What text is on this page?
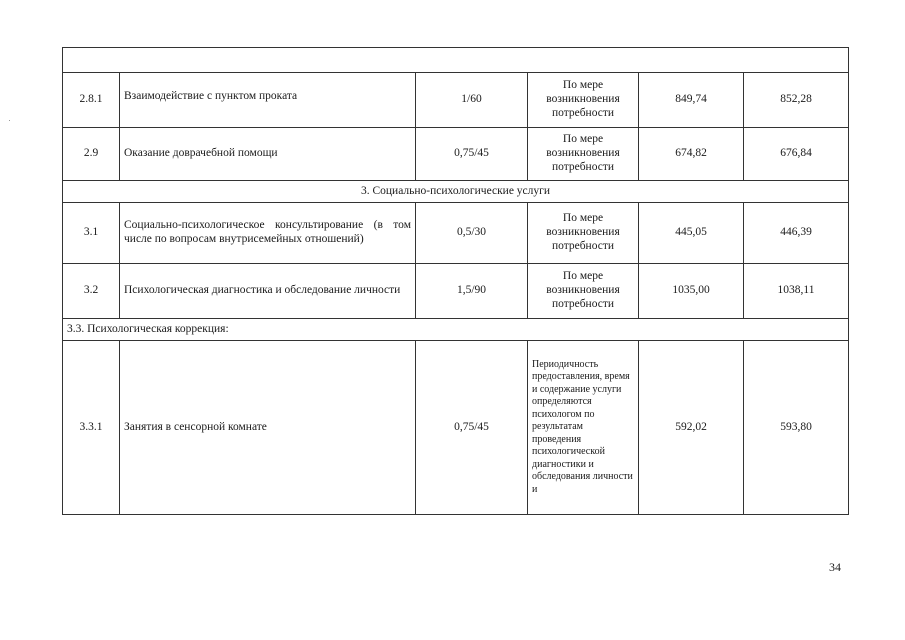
2.8.1	Взаимодействие с пунктом проката	1/60	По мере возникновения потребности	849,74	852,28
2.9	Оказание доврачебной помощи	0,75/45	По мере возникновения потребности	674,82	676,84
3. Социально-психологические услуги					
3.1	Социально-психологическое консультирование (в том числе по вопросам внутрисемейных отношений)	0,5/30	По мере возникновения потребности	445,05	446,39
3.2	Психологическая диагностика и обследование личности	1,5/90	По мере возникновения потребности	1035,00	1038,11
3.3. Психологическая коррекция:					
3.3.1	Занятия в сенсорной комнате	0,75/45	Периодичность предоставления, время и содержание услуги определяются психологом по результатам проведения психологической диагностики и обследования личности и	592,02	593,80
34
